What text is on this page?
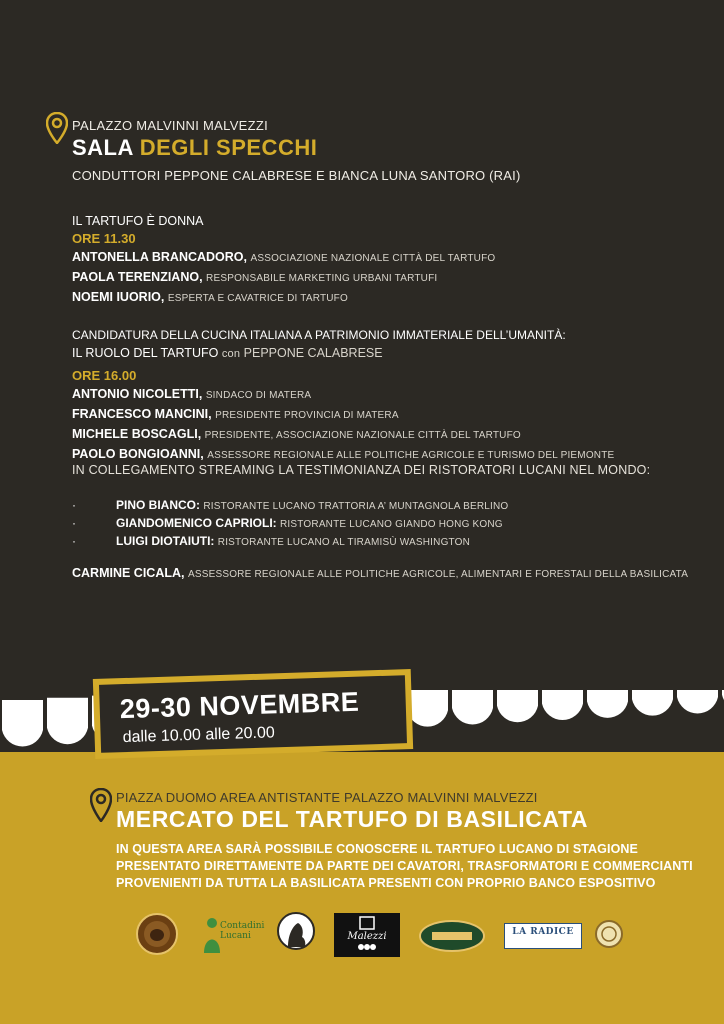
PALAZZO MALVINNI MALVEZZI
SALA DEGLI SPECCHI
CONDUTTORI PEPPONE CALABRESE E BIANCA LUNA SANTORO (RAI)
IL TARTUFO È DONNA
ORE 11.30
ANTONELLA BRANCADORO, ASSOCIAZIONE NAZIONALE CITTÀ DEL TARTUFO
PAOLA TERENZIANO, RESPONSABILE MARKETING URBANI TARTUFI
NOEMI IUORIO, ESPERTA E CAVATRICE DI TARTUFO
CANDIDATURA DELLA CUCINA ITALIANA A PATRIMONIO IMMATERIALE DELL’UMANITÀ:
IL RUOLO DEL TARTUFO con PEPPONE CALABRESE
ORE 16.00
ANTONIO NICOLETTI, SINDACO DI MATERA
FRANCESCO MANCINI, PRESIDENTE PROVINCIA DI MATERA
MICHELE BOSCAGLI, PRESIDENTE, ASSOCIAZIONE NAZIONALE CITTÀ DEL TARTUFO
PAOLO BONGIOANNI, ASSESSORE REGIONALE ALLE POLITICHE AGRICOLE E TURISMO DEL PIEMONTE
IN COLLEGAMENTO STREAMING LA TESTIMONIANZA DEI RISTORATORI LUCANI NEL MONDO:
·	PINO BIANCO: RISTORANTE LUCANO TRATTORIA A’ MUNTAGNOLA BERLINO
·	GIANDOMENICO CAPRIOLI: RISTORANTE LUCANO GIANDO HONG KONG
·	LUIGI DIOTAIUTI: RISTORANTE LUCANO AL TIRAMISÙ WASHINGTON
CARMINE CICALA, ASSESSORE REGIONALE ALLE POLITICHE AGRICOLE, ALIMENTARI E FORESTALI DELLA BASILICATA
29-30 NOVEMBRE
dalle 10.00 alle 20.00
PIAZZA DUOMO AREA ANTISTANTE PALAZZO MALVINNI MALVEZZI
MERCATO DEL TARTUFO DI BASILICATA
IN QUESTA AREA SARÀ POSSIBILE CONOSCERE IL TARTUFO LUCANO DI STAGIONE
PRESENTATO DIRETTAMENTE DA PARTE DEI CAVATORI, TRASFORMATORI E COMMERCIANTI
PROVENIENTI DA TUTTA LA BASILICATA PRESENTI CON PROPRIO BANCO ESPOSITIVO
Contadini Lucani	Malezzi	LA RADICE
